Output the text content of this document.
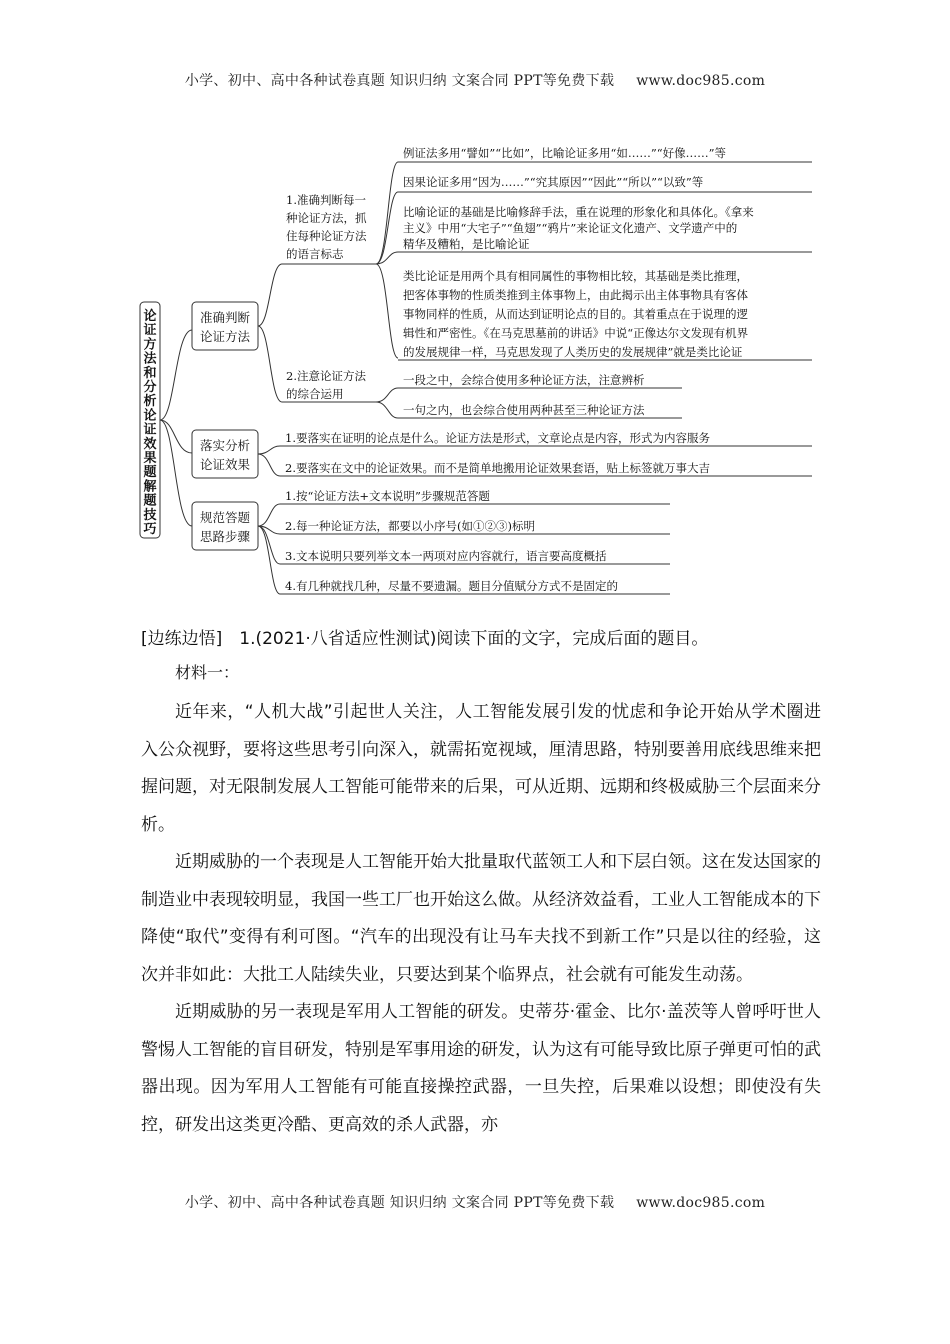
小学、初中、高中各种试卷真题 知识归纳 文案合同 PPT等免费下载 www.doc985.com
论
证
方
法
和
分
析
论
证
效
果
题
解
题
技
巧
准确判断
论证方法
落实分析
论证效果
规范答题
思路步骤
1.准确判断每一
种论证方法，抓
住每种论证方法
的语言标志
例证法多用“譬如”“比如”，比喻论证多用“如……”“好像……”等
因果论证多用“因为……”“究其原因”“因此”“所以”“以致”等
比喻论证的基础是比喻修辞手法，重在说理的形象化和具体化。《拿来
主义》中用“大宅子”“鱼翅”“鸦片”来论证文化遗产、文学遗产中的
精华及糟粕，是比喻论证
类比论证是用两个具有相同属性的事物相比较，其基础是类比推理，
把客体事物的性质类推到主体事物上，由此揭示出主体事物具有客体
事物同样的性质，从而达到证明论点的目的。其着重点在于说理的逻
辑性和严密性。《在马克思墓前的讲话》中说“正像达尔文发现有机界
的发展规律一样，马克思发现了人类历史的发展规律”就是类比论证
2.注意论证方法
的综合运用
一段之中，会综合使用多种论证方法，注意辨析
一句之内，也会综合使用两种甚至三种论证方法
1.要落实在证明的论点是什么。论证方法是形式，文章论点是内容，形式为内容服务
2.要落实在文中的论证效果。而不是简单地搬用论证效果套语，贴上标签就万事大吉
1.按“论证方法+文本说明”步骤规范答题
2.每一种论证方法，都要以小序号(如①②③)标明
3.文本说明只要列举文本一两项对应内容就行，语言要高度概括
4.有几种就找几种，尽量不要遗漏。题目分值赋分方式不是固定的
[边练边悟]　1.(2021·八省适应性测试)阅读下面的文字，完成后面的题目。
材料一：

近年来，“人机大战”引起世人关注，人工智能发展引发的忧虑和争论开始从学术圈进入公众视野，要将这些思考引向深入，就需拓宽视域，厘清思路，特别要善用底线思维来把握问题，对无限制发展人工智能可能带来的后果，可从近期、远期和终极威胁三个层面来分析。

近期威胁的一个表现是人工智能开始大批量取代蓝领工人和下层白领。这在发达国家的制造业中表现较明显，我国一些工厂也开始这么做。从经济效益看，工业人工智能成本的下降使“取代”变得有利可图。“汽车的出现没有让马车夫找不到新工作”只是以往的经验，这次并非如此：大批工人陆续失业，只要达到某个临界点，社会就有可能发生动荡。

近期威胁的另一表现是军用人工智能的研发。史蒂芬·霍金、比尔·盖茨等人曾呼吁世人警惕人工智能的盲目研发，特别是军事用途的研发，认为这有可能导致比原子弹更可怕的武器出现。因为军用人工智能有可能直接操控武器，一旦失控，后果难以设想；即使没有失控，研发出这类更冷酷、更高效的杀人武器，亦

小学、初中、高中各种试卷真题 知识归纳 文案合同 PPT等免费下载 www.doc985.com
